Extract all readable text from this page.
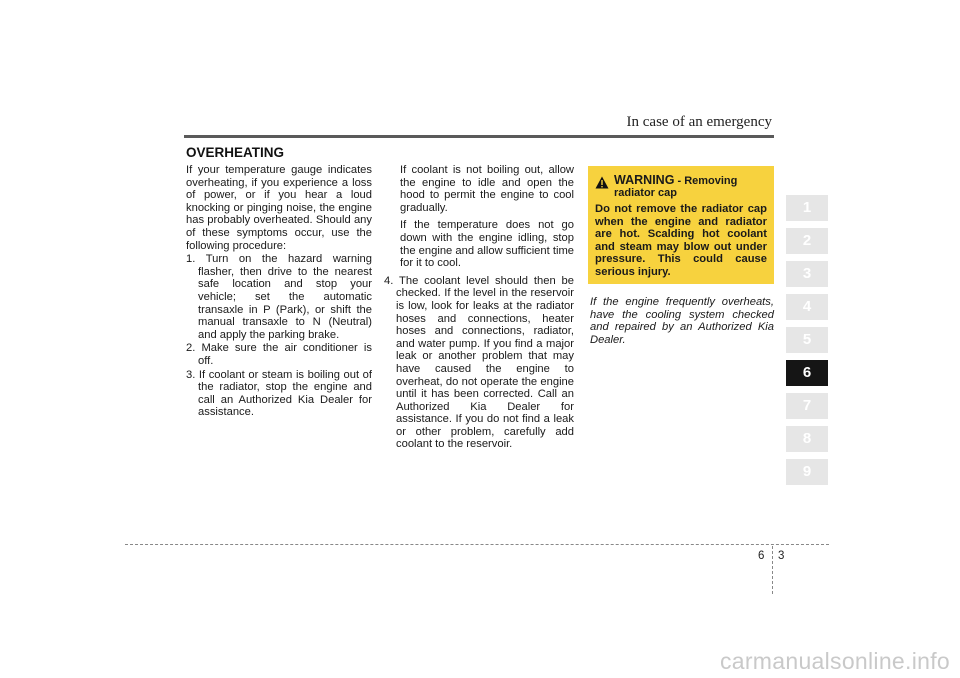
In case of an emergency
OVERHEATING

If your temperature gauge indicates overheating, if you experience a loss of power, or if you hear a loud knocking or pinging noise, the engine has probably overheated. Should any of these symptoms occur, use the following procedure:

1. Turn on the hazard warning flasher, then drive to the nearest safe location and stop your vehicle; set the automatic transaxle in P (Park), or shift the manual transaxle to N (Neutral) and apply the parking brake.

2. Make sure the air conditioner is off.

3. If coolant or steam is boiling out of the radiator, stop the engine and call an Authorized Kia Dealer for assistance.

If coolant is not boiling out, allow the engine to idle and open the hood to permit the engine to cool gradually.

If the temperature does not go down with the engine idling, stop the engine and allow sufficient time for it to cool.

4. The coolant level should then be checked. If the level in the reservoir is low, look for leaks at the radiator hoses and connections, heater hoses and connections, radiator, and water pump. If you find a major leak or another problem that may have caused the engine to overheat, do not operate the engine until it has been corrected. Call an Authorized Kia Dealer for assistance. If you do not find a leak or other problem, carefully add coolant to the reservoir.

WARNING - Removing
radiator cap

Do not remove the radiator cap when the engine and radiator are hot. Scalding hot coolant and steam may blow out under pressure. This could cause serious injury.

If the engine frequently overheats, have the cooling system checked and repaired by an Authorized Kia Dealer.

1
2
3
4
5
6
7
8
9
6 3
carmanualsonline.info
